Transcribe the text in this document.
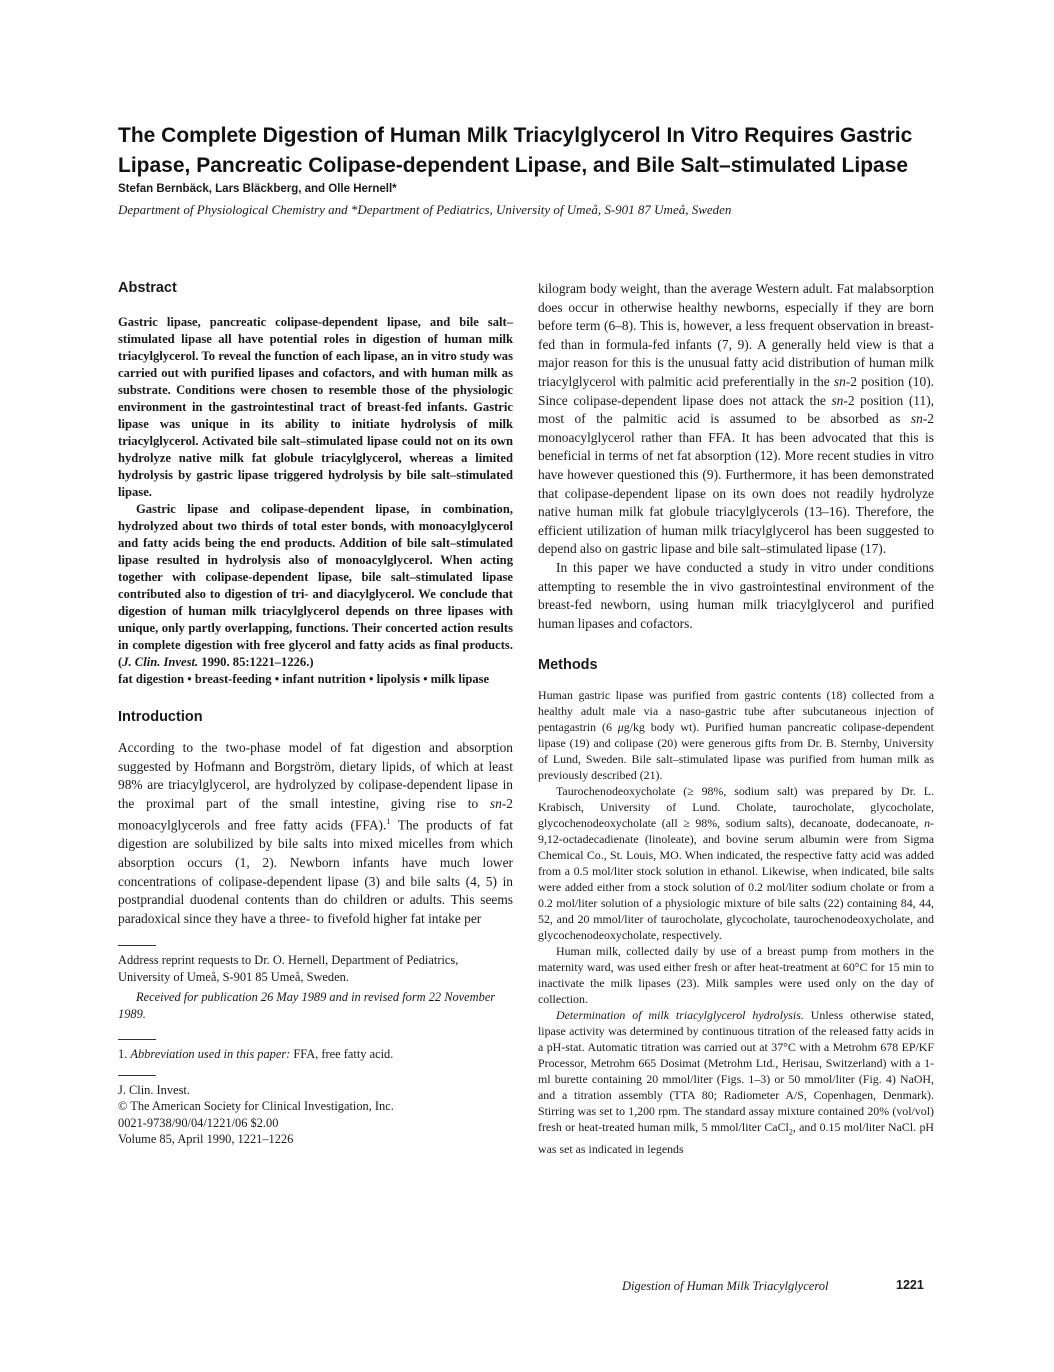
The Complete Digestion of Human Milk Triacylglycerol In Vitro Requires Gastric Lipase, Pancreatic Colipase-dependent Lipase, and Bile Salt–stimulated Lipase
Stefan Bernbäck, Lars Bläckberg, and Olle Hernell*
Department of Physiological Chemistry and *Department of Pediatrics, University of Umeå, S-901 87 Umeå, Sweden
Abstract

Gastric lipase, pancreatic colipase-dependent lipase, and bile salt–stimulated lipase all have potential roles in digestion of human milk triacylglycerol. To reveal the function of each lipase, an in vitro study was carried out with purified lipases and cofactors, and with human milk as substrate. Conditions were chosen to resemble those of the physiologic environment in the gastrointestinal tract of breast-fed infants. Gastric lipase was unique in its ability to initiate hydrolysis of milk triacylglycerol. Activated bile salt–stimulated lipase could not on its own hydrolyze native milk fat globule triacylglycerol, whereas a limited hydrolysis by gastric lipase triggered hydrolysis by bile salt–stimulated lipase.

Gastric lipase and colipase-dependent lipase, in combination, hydrolyzed about two thirds of total ester bonds, with monoacylglycerol and fatty acids being the end products. Addition of bile salt–stimulated lipase resulted in hydrolysis also of monoacylglycerol. When acting together with colipase-dependent lipase, bile salt–stimulated lipase contributed also to digestion of tri- and diacylglycerol. We conclude that digestion of human milk triacylglycerol depends on three lipases with unique, only partly overlapping, functions. Their concerted action results in complete digestion with free glycerol and fatty acids as final products. (J. Clin. Invest. 1990. 85:1221–1226.)

fat digestion • breast-feeding • infant nutrition • lipolysis • milk lipase

Introduction

According to the two-phase model of fat digestion and absorption suggested by Hofmann and Borgström, dietary lipids, of which at least 98% are triacylglycerol, are hydrolyzed by colipase-dependent lipase in the proximal part of the small intestine, giving rise to sn-2 monoacylglycerols and free fatty acids (FFA).$^1$ The products of fat digestion are solubilized by bile salts into mixed micelles from which absorption occurs (1, 2). Newborn infants have much lower concentrations of colipase-dependent lipase (3) and bile salts (4, 5) in postprandial duodenal contents than do children or adults. This seems paradoxical since they have a three- to fivefold higher fat intake per

Address reprint requests to Dr. O. Hernell, Department of Pediatrics, University of Umeå, S-901 85 Umeå, Sweden.

Received for publication 26 May 1989 and in revised form 22 November 1989.

1. Abbreviation used in this paper: FFA, free fatty acid.

J. Clin. Invest.

© The American Society for Clinical Investigation, Inc.

0021-9738/90/04/1221/06 $2.00

Volume 85, April 1990, 1221–1226

kilogram body weight, than the average Western adult. Fat malabsorption does occur in otherwise healthy newborns, especially if they are born before term (6–8). This is, however, a less frequent observation in breast-fed than in formula-fed infants (7, 9). A generally held view is that a major reason for this is the unusual fatty acid distribution of human milk triacylglycerol with palmitic acid preferentially in the sn-2 position (10). Since colipase-dependent lipase does not attack the sn-2 position (11), most of the palmitic acid is assumed to be absorbed as sn-2 monoacylglycerol rather than FFA. It has been advocated that this is beneficial in terms of net fat absorption (12). More recent studies in vitro have however questioned this (9). Furthermore, it has been demonstrated that colipase-dependent lipase on its own does not readily hydrolyze native human milk fat globule triacylglycerols (13–16). Therefore, the efficient utilization of human milk triacylglycerol has been suggested to depend also on gastric lipase and bile salt–stimulated lipase (17).

In this paper we have conducted a study in vitro under conditions attempting to resemble the in vivo gastrointestinal environment of the breast-fed newborn, using human milk triacylglycerol and purified human lipases and cofactors.

Methods

Human gastric lipase was purified from gastric contents (18) collected from a healthy adult male via a naso-gastric tube after subcutaneous injection of pentagastrin (6 μg/kg body wt). Purified human pancreatic colipase-dependent lipase (19) and colipase (20) were generous gifts from Dr. B. Sternby, University of Lund, Sweden. Bile salt–stimulated lipase was purified from human milk as previously described (21).

Taurochenodeoxycholate (≥ 98%, sodium salt) was prepared by Dr. L. Krabisch, University of Lund. Cholate, taurocholate, glycocholate, glycochenodeoxycholate (all ≥ 98%, sodium salts), decanoate, dodecanoate, n-9,12-octadecadienate (linoleate), and bovine serum albumin were from Sigma Chemical Co., St. Louis, MO. When indicated, the respective fatty acid was added from a 0.5 mol/liter stock solution in ethanol. Likewise, when indicated, bile salts were added either from a stock solution of 0.2 mol/liter sodium cholate or from a 0.2 mol/liter solution of a physiologic mixture of bile salts (22) containing 84, 44, 52, and 20 mmol/liter of taurocholate, glycocholate, taurochenodeoxycholate, and glycochenodeoxycholate, respectively.

Human milk, collected daily by use of a breast pump from mothers in the maternity ward, was used either fresh or after heat-treatment at 60°C for 15 min to inactivate the milk lipases (23). Milk samples were used only on the day of collection.

Determination of milk triacylglycerol hydrolysis. Unless otherwise stated, lipase activity was determined by continuous titration of the released fatty acids in a pH-stat. Automatic titration was carried out at 37°C with a Metrohm 678 EP/KF Processor, Metrohm 665 Dosimat (Metrohm Ltd., Herisau, Switzerland) with a 1-ml burette containing 20 mmol/liter (Figs. 1–3) or 50 mmol/liter (Fig. 4) NaOH, and a titration assembly (TTA 80; Radiometer A/S, Copenhagen, Denmark). Stirring was set to 1,200 rpm. The standard assay mixture contained 20% (vol/vol) fresh or heat-treated human milk, 5 mmol/liter CaCl$_2$, and 0.15 mol/liter NaCl. pH was set as indicated in legends

Digestion of Human Milk Triacylglycerol	1221
